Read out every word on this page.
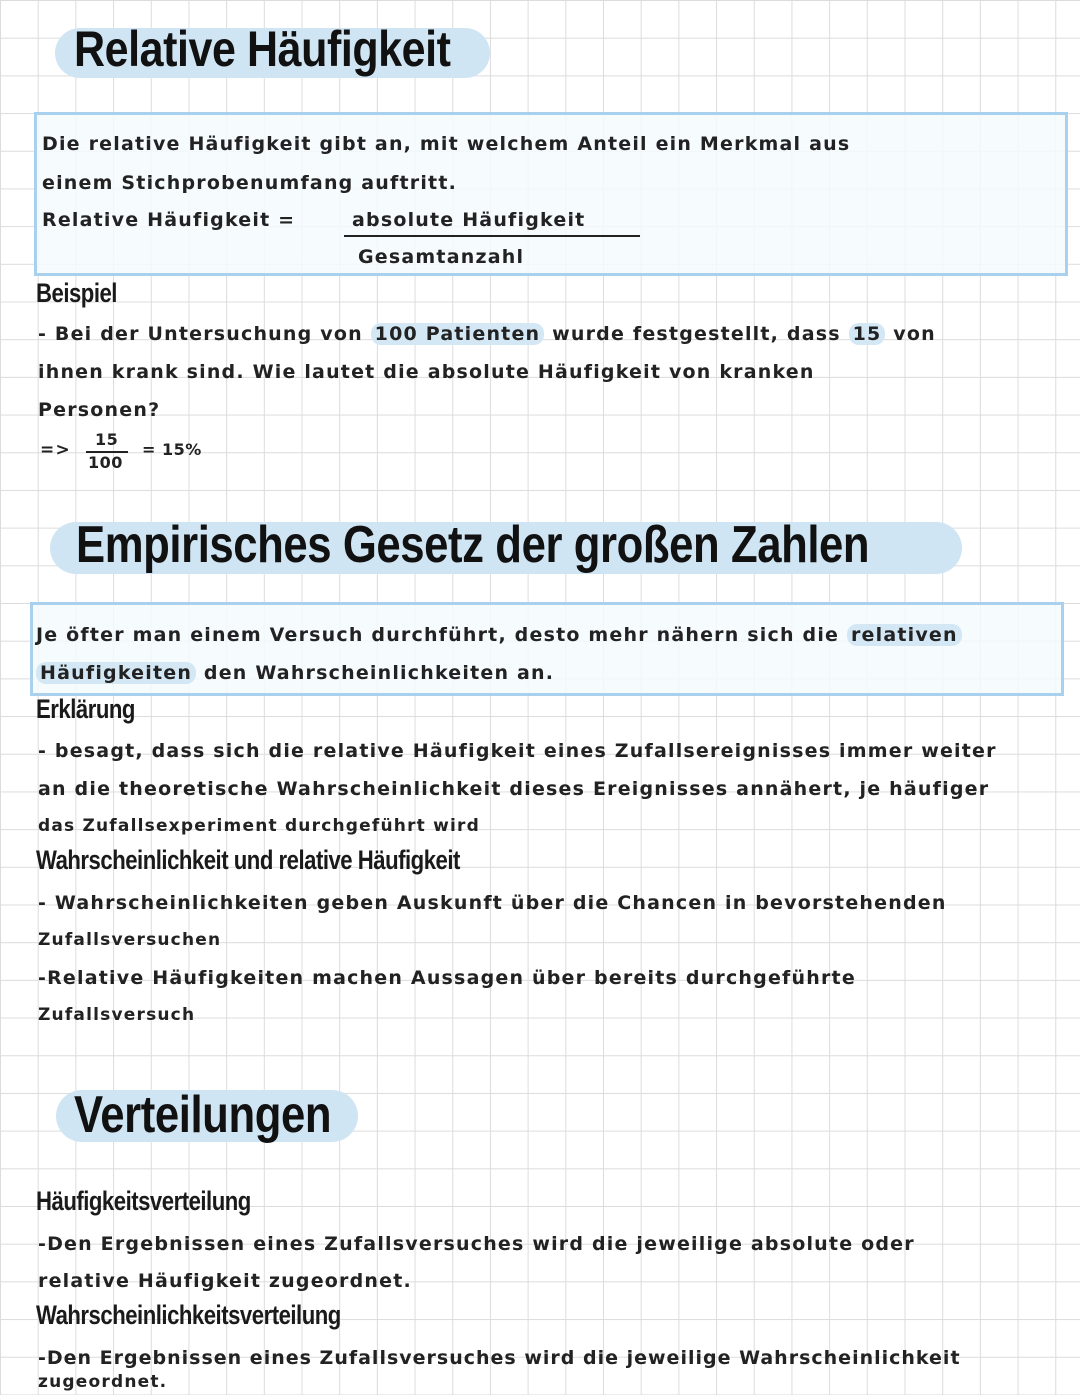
Relative Häufigkeit
Die relative Häufigkeit gibt an, mit welchem Anteil ein Merkmal aus
einem Stichprobenumfang auftritt.
Relative Häufigkeit =	absolute Häufigkeit
Gesamtanzahl
Beispiel
- Bei der Untersuchung von 100 Patienten wurde festgestellt, dass 15 von
ihnen krank sind. Wie lautet die absolute Häufigkeit von kranken
Personen?
=>
15
100
= 15%
Empirisches Gesetz der großen Zahlen
Je öfter man einem Versuch durchführt, desto mehr nähern sich die relativen
Häufigkeiten den Wahrscheinlichkeiten an.
Erklärung
- besagt, dass sich die relative Häufigkeit eines Zufallsereignisses immer weiter
an die theoretische Wahrscheinlichkeit dieses Ereignisses annähert, je häufiger
das Zufallsexperiment durchgeführt wird
Wahrscheinlichkeit und relative Häufigkeit
- Wahrscheinlichkeiten geben Auskunft über die Chancen in bevorstehenden
Zufallsversuchen
-Relative Häufigkeiten machen Aussagen über bereits durchgeführte
Zufallsversuch
Verteilungen
Häufigkeitsverteilung
-Den Ergebnissen eines Zufallsversuches wird die jeweilige absolute oder
relative Häufigkeit zugeordnet.
Wahrscheinlichkeitsverteilung
-Den Ergebnissen eines Zufallsversuches wird die jeweilige Wahrscheinlichkeit
zugeordnet.
